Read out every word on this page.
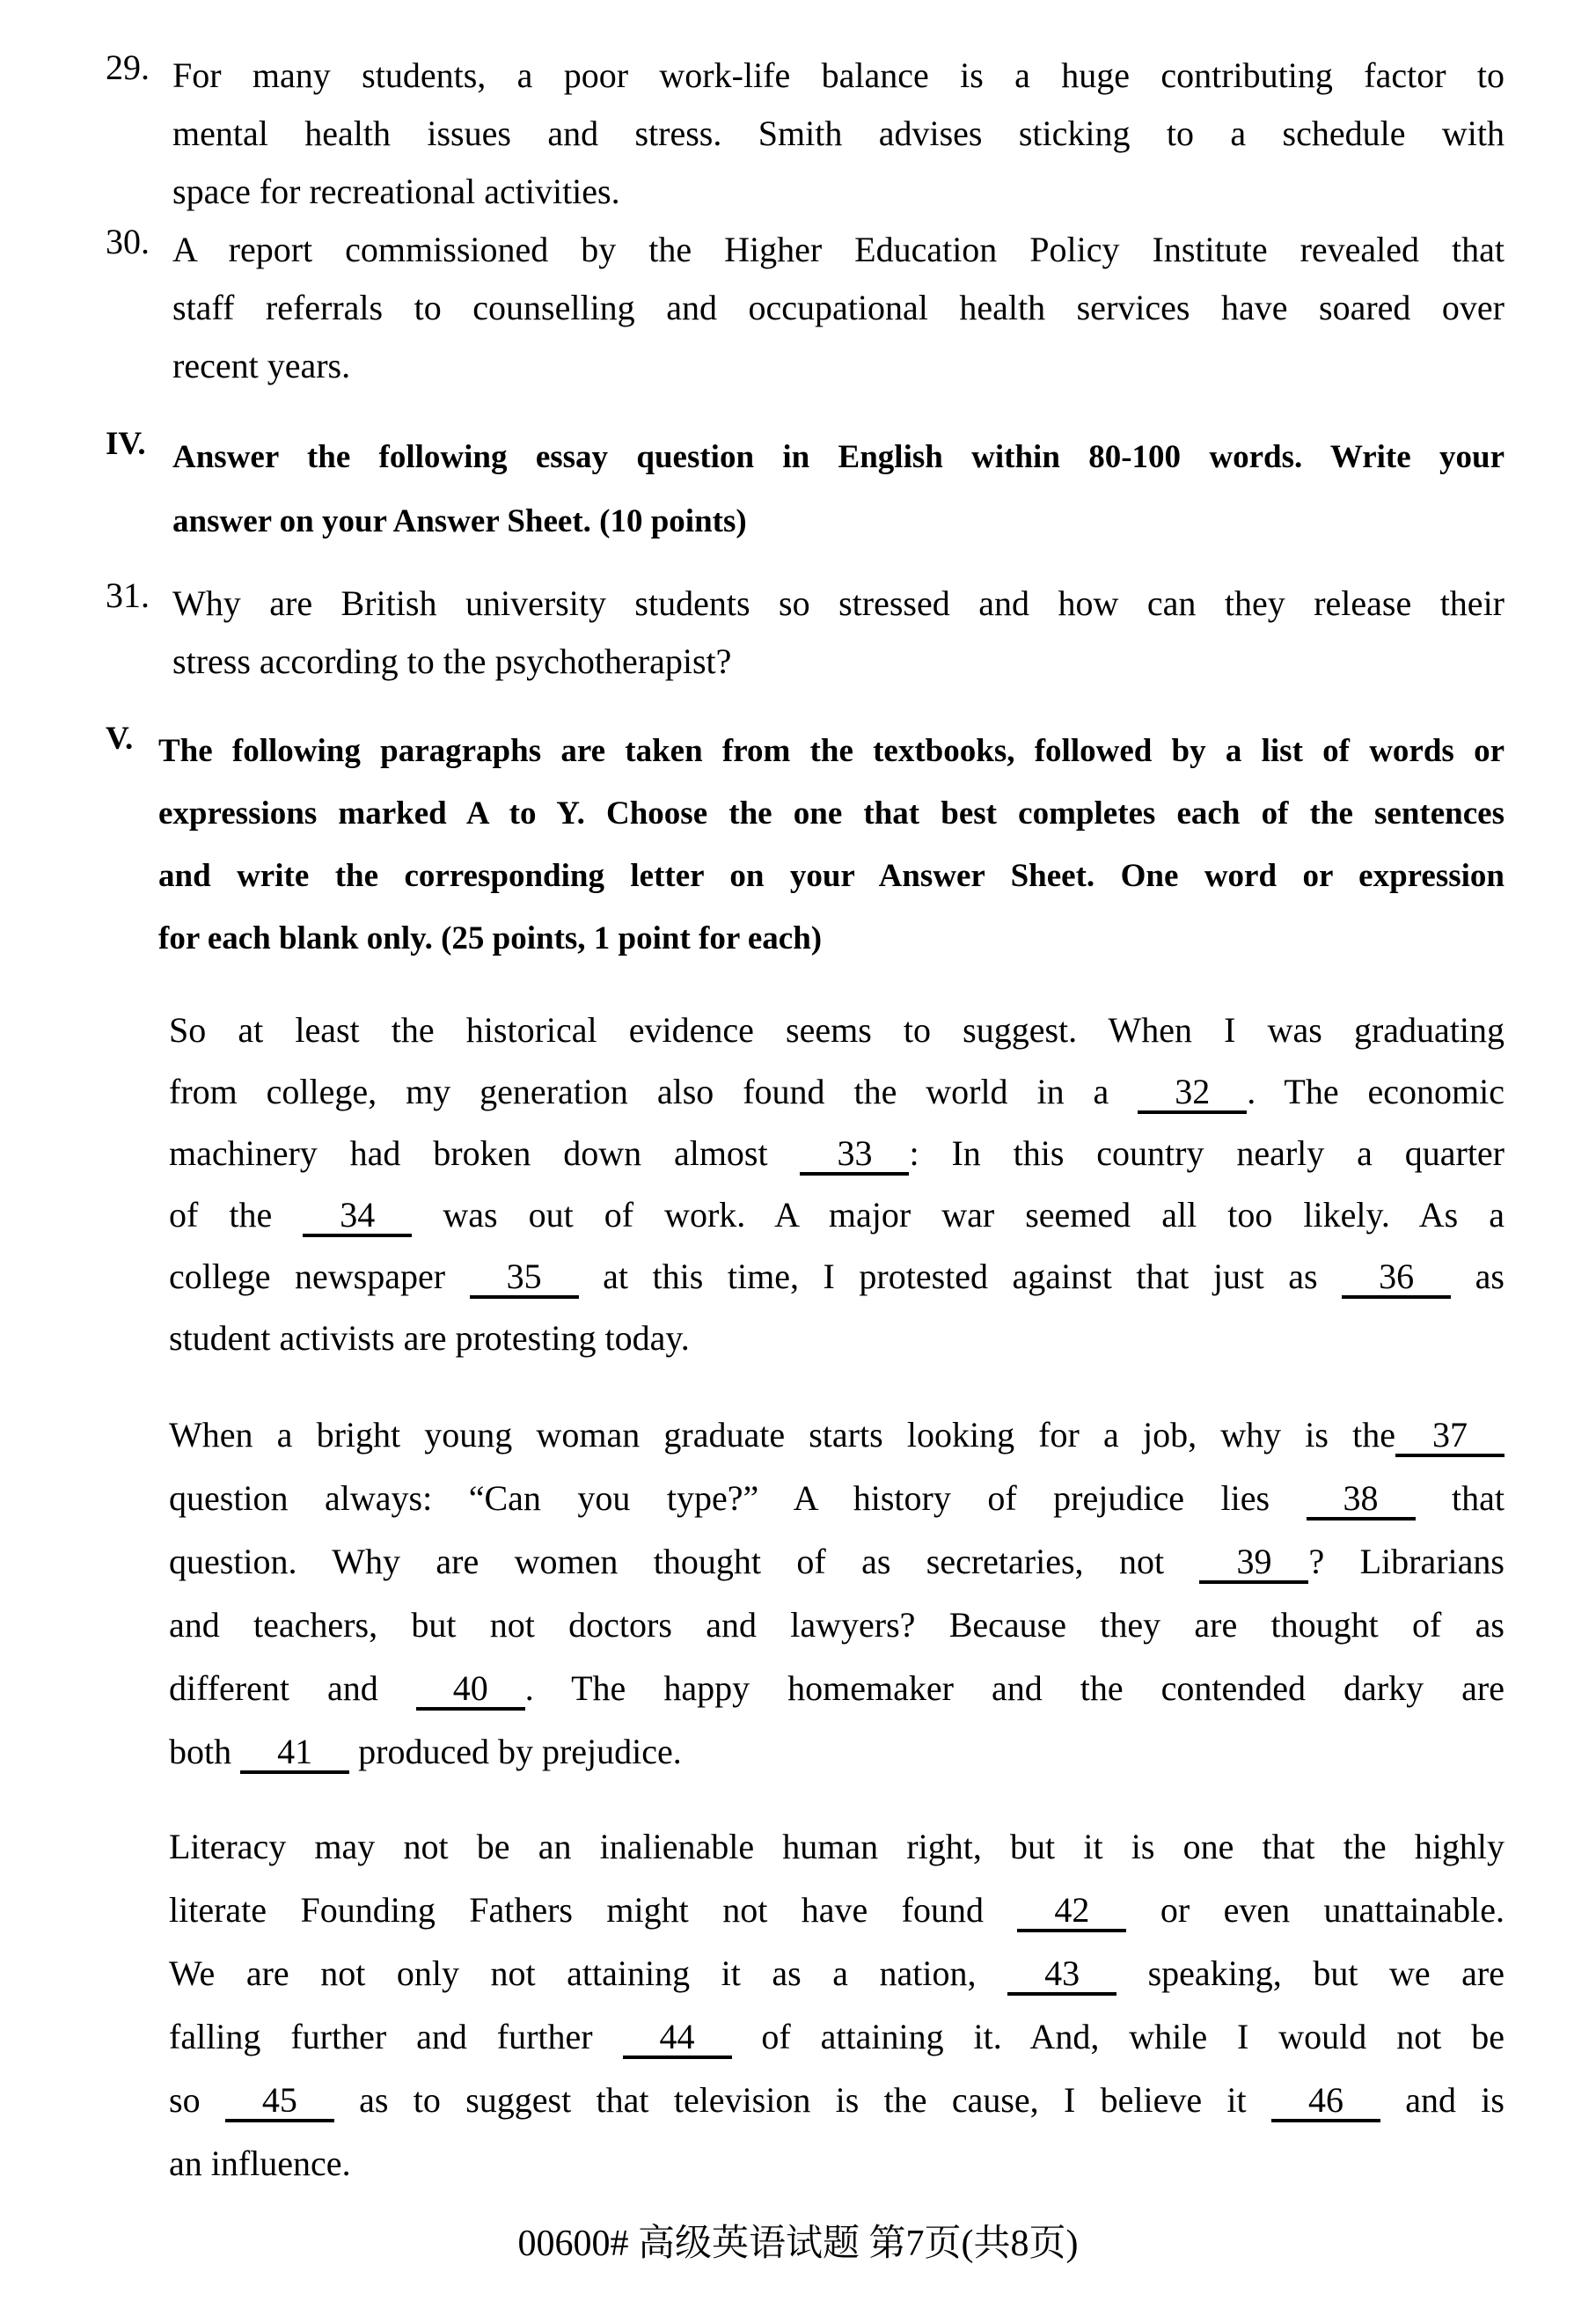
29. For many students, a poor work-life balance is a huge contributing factor to
mental health issues and stress. Smith advises sticking to a schedule with
space for recreational activities.
30. A report commissioned by the Higher Education Policy Institute revealed that
staff referrals to counselling and occupational health services have soared over
recent years.
IV. Answer the following essay question in English within 80-100 words. Write your
answer on your Answer Sheet. (10 points)
31. Why are British university students so stressed and how can they release their
stress according to the psychotherapist?
V. The following paragraphs are taken from the textbooks, followed by a list of words or
expressions marked A to Y. Choose the one that best completes each of the sentences
and write the corresponding letter on your Answer Sheet. One word or expression
for each blank only. (25 points, 1 point for each)
So at least the historical evidence seems to suggest. When I was graduating
from college, my generation also found the world in a 32 . The economic
machinery had broken down almost 33 : In this country nearly a quarter
of the 34 was out of work. A major war seemed all too likely. As a
college newspaper 35 at this time, I protested against that just as 36 as
student activists are protesting today.
When a bright young woman graduate starts looking for a job, why is the 37
question always: “Can you type?” A history of prejudice lies 38 that
question. Why are women thought of as secretaries, not 39 ? Librarians
and teachers, but not doctors and lawyers? Because they are thought of as
different and 40 . The happy homemaker and the contended darky are
both 41 produced by prejudice.
Literacy may not be an inalienable human right, but it is one that the highly
literate Founding Fathers might not have found 42 or even unattainable.
We are not only not attaining it as a nation, 43 speaking, but we are
falling further and further 44 of attaining it. And, while I would not be
so 45 as to suggest that television is the cause, I believe it 46 and is
an influence.
00600# 高级英语试题 第7页(共8页)
